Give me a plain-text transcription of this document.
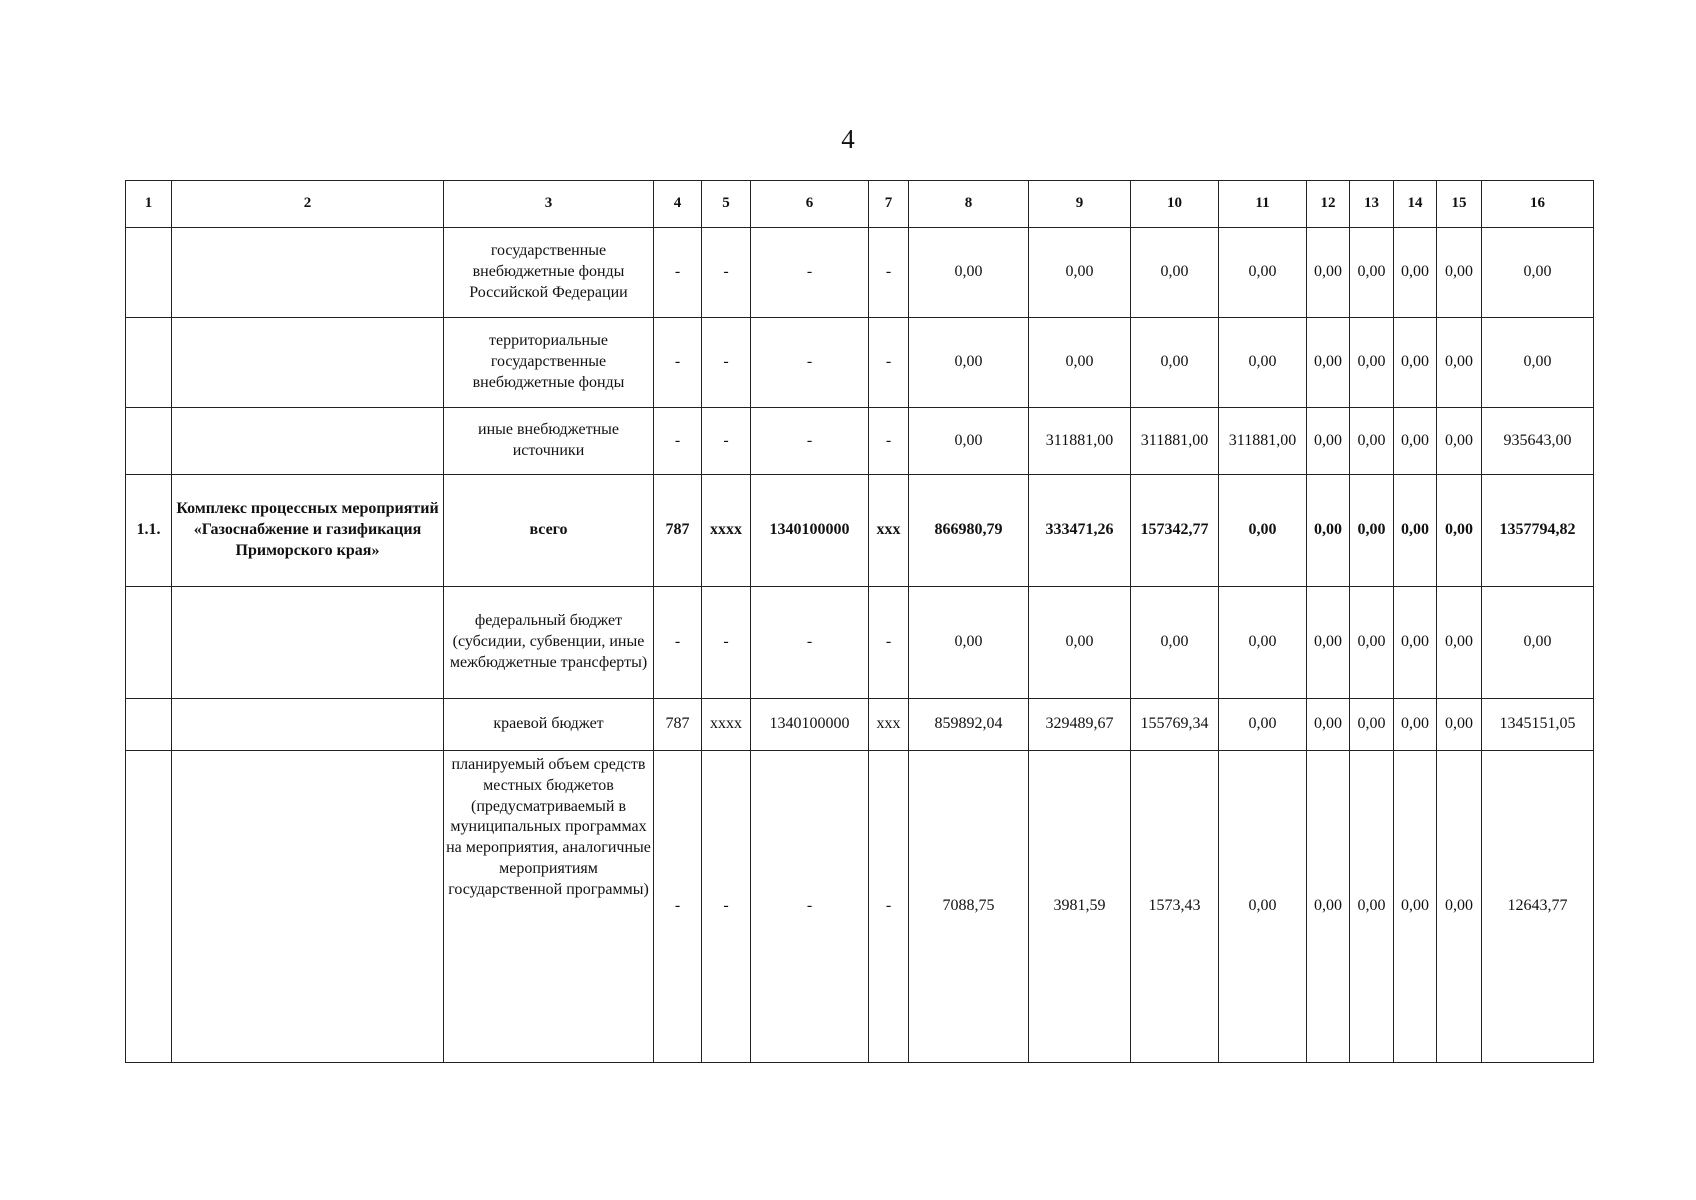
4
1	2	3	4	5	6	7	8	9	10	11	12	13	14	15	16
		государственные внебюджетные фонды Российской Федерации	-	-	-	-	0,00	0,00	0,00	0,00	0,00	0,00	0,00	0,00	0,00
		территориальные государственные внебюджетные фонды	-	-	-	-	0,00	0,00	0,00	0,00	0,00	0,00	0,00	0,00	0,00
		иные внебюджетные источники	-	-	-	-	0,00	311881,00	311881,00	311881,00	0,00	0,00	0,00	0,00	935643,00
1.1.	Комплекс процессных мероприятий «Газоснабжение и газификация Приморского края»	всего	787	xxxx	1340100000	xxx	866980,79	333471,26	157342,77	0,00	0,00	0,00	0,00	0,00	1357794,82
		федеральный бюджет (субсидии, субвенции, иные межбюджетные трансферты)	-	-	-	-	0,00	0,00	0,00	0,00	0,00	0,00	0,00	0,00	0,00
		краевой бюджет	787	xxxx	1340100000	xxx	859892,04	329489,67	155769,34	0,00	0,00	0,00	0,00	0,00	1345151,05
		планируемый объем средств местных бюджетов (предусматриваемый в муниципальных программах на мероприятия, аналогичные мероприятиям государственной программы)	-	-	-	-	7088,75	3981,59	1573,43	0,00	0,00	0,00	0,00	0,00	12643,77
